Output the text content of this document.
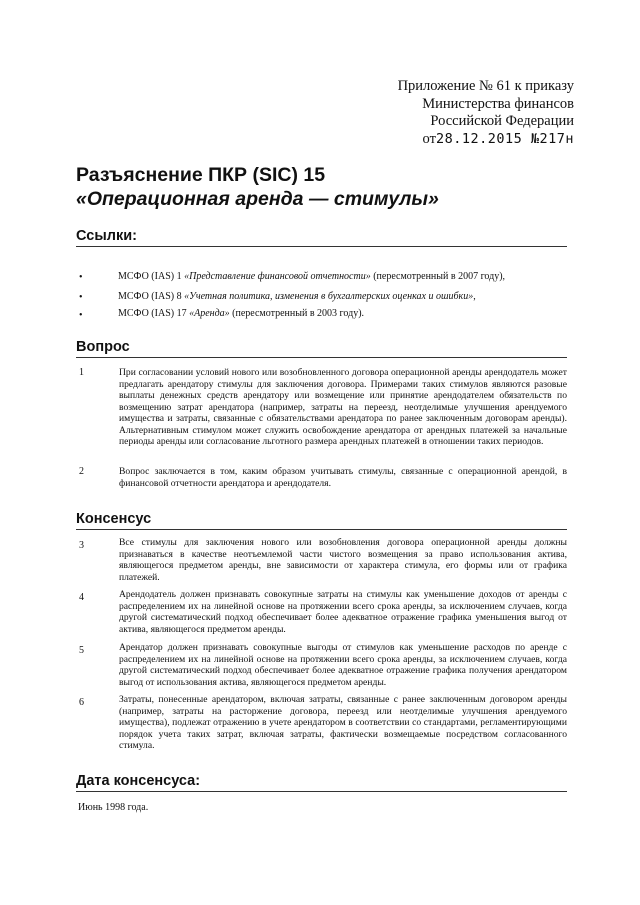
Приложение № 61 к приказу
Министерства финансов
Российской Федерации
от28.12.2015 №217н
Разъяснение ПКР (SIC) 15
«Операционная аренда — стимулы»
Ссылки:
•	МСФО (IAS) 1 «Представление финансовой отчетности» (пересмотренный в 2007 году),
•	МСФО (IAS) 8 «Учетная политика, изменения в бухгалтерских оценках и ошибки»,
•	МСФО (IAS) 17 «Аренда» (пересмотренный в 2003 году).
Вопрос
1	При согласовании условий нового или возобновленного договора операционной аренды арендодатель может предлагать арендатору стимулы для заключения договора. Примерами таких стимулов являются разовые выплаты денежных средств арендатору или возмещение или принятие арендодателем обязательств по возмещению затрат арендатора (например, затраты на переезд, неотделимые улучшения арендуемого имущества и затраты, связанные с обязательствами арендатора по ранее заключенным договорам аренды). Альтернативным стимулом может служить освобождение арендатора от арендных платежей за начальные периоды аренды или согласование льготного размера арендных платежей в отношении таких периодов.
2	Вопрос заключается в том, каким образом учитывать стимулы, связанные с операционной арендой, в финансовой отчетности арендатора и арендодателя.
Консенсус
3	Все стимулы для заключения нового или возобновления договора операционной аренды должны признаваться в качестве неотъемлемой части чистого возмещения за право использования актива, являющегося предметом аренды, вне зависимости от характера стимула, его формы или от графика платежей.
4	Арендодатель должен признавать совокупные затраты на стимулы как уменьшение доходов от аренды с распределением их на линейной основе на протяжении всего срока аренды, за исключением случаев, когда другой систематический подход обеспечивает более адекватное отражение графика уменьшения выгод от актива, являющегося предметом аренды.
5	Арендатор должен признавать совокупные выгоды от стимулов как уменьшение расходов по аренде с распределением их на линейной основе на протяжении всего срока аренды, за исключением случаев, когда другой систематический подход обеспечивает более адекватное отражение графика получения арендатором выгод от использования актива, являющегося предметом аренды.
6	Затраты, понесенные арендатором, включая затраты, связанные с ранее заключенным договором аренды (например, затраты на расторжение договора, переезд или неотделимые улучшения арендуемого имущества), подлежат отражению в учете арендатором в соответствии со стандартами, регламентирующими порядок учета таких затрат, включая затраты, фактически возмещаемые посредством согласованного стимула.
Дата консенсуса:
Июнь 1998 года.
